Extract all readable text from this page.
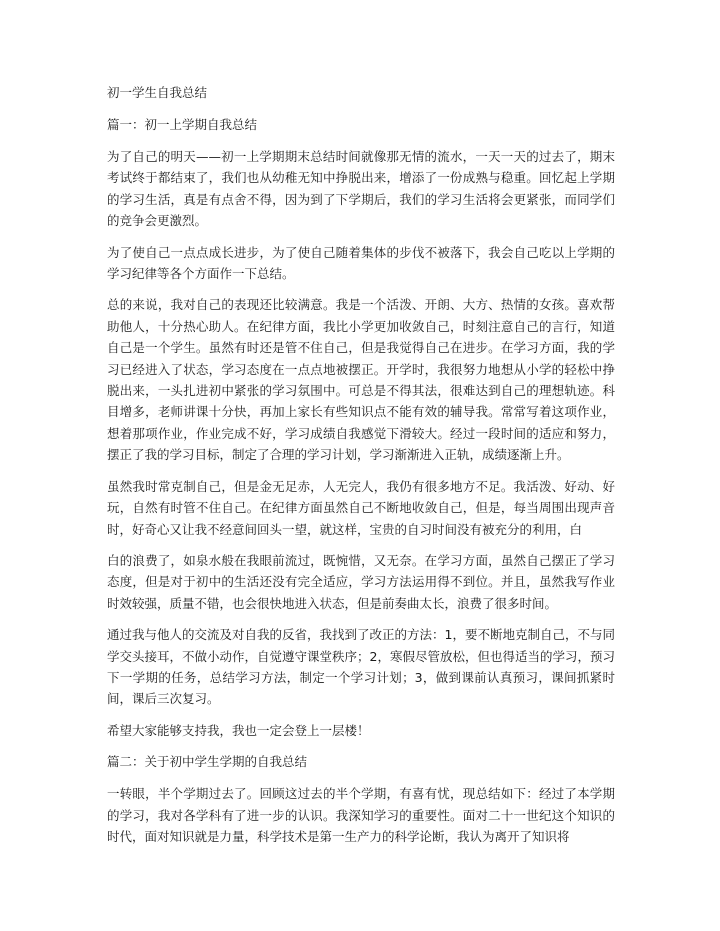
初一学生自我总结
篇一：初一上学期自我总结

为了自己的明天——初一上学期期末总结时间就像那无情的流水，一天一天的过去了，期末考试终于都结束了，我们也从幼稚无知中挣脱出来，增添了一份成熟与稳重。回忆起上学期的学习生活，真是有点舍不得，因为到了下学期后，我们的学习生活将会更紧张，而同学们的竞争会更激烈。

为了使自己一点点成长进步，为了使自己随着集体的步伐不被落下，我会自己吃以上学期的学习纪律等各个方面作一下总结。

总的来说，我对自己的表现还比较满意。我是一个活泼、开朗、大方、热情的女孩。喜欢帮助他人，十分热心助人。在纪律方面，我比小学更加收敛自己，时刻注意自己的言行，知道自己是一个学生。虽然有时还是管不住自己，但是我觉得自己在进步。在学习方面，我的学习已经进入了状态，学习态度在一点点地被摆正。开学时，我很努力地想从小学的轻松中挣脱出来，一头扎进初中紧张的学习氛围中。可总是不得其法，很难达到自己的理想轨迹。科目增多，老师讲课十分快，再加上家长有些知识点不能有效的辅导我。常常写着这项作业，想着那项作业，作业完成不好，学习成绩自我感觉下滑较大。经过一段时间的适应和努力，摆正了我的学习目标，制定了合理的学习计划，学习渐渐进入正轨，成绩逐渐上升。

虽然我时常克制自己，但是金无足赤，人无完人，我仍有很多地方不足。我活泼、好动、好玩，自然有时管不住自己。在纪律方面虽然自己不断地收敛自己，但是，每当周围出现声音时，好奇心又让我不经意间回头一望，就这样，宝贵的自习时间没有被充分的利用，白

白的浪费了，如泉水般在我眼前流过，既惋惜，又无奈。在学习方面，虽然自己摆正了学习态度，但是对于初中的生活还没有完全适应，学习方法运用得不到位。并且，虽然我写作业时效较强，质量不错，也会很快地进入状态，但是前奏曲太长，浪费了很多时间。

通过我与他人的交流及对自我的反省，我找到了改正的方法：1，要不断地克制自己，不与同学交头接耳，不做小动作，自觉遵守课堂秩序；2，寒假尽管放松，但也得适当的学习，预习下一学期的任务，总结学习方法，制定一个学习计划；3，做到课前认真预习，课间抓紧时间，课后三次复习。

希望大家能够支持我，我也一定会登上一层楼！

篇二：关于初中学生学期的自我总结

一转眼，半个学期过去了。回顾这过去的半个学期，有喜有忧，现总结如下：经过了本学期的学习，我对各学科有了进一步的认识。我深知学习的重要性。面对二十一世纪这个知识的时代，面对知识就是力量，科学技术是第一生产力的科学论断，我认为离开了知识将
